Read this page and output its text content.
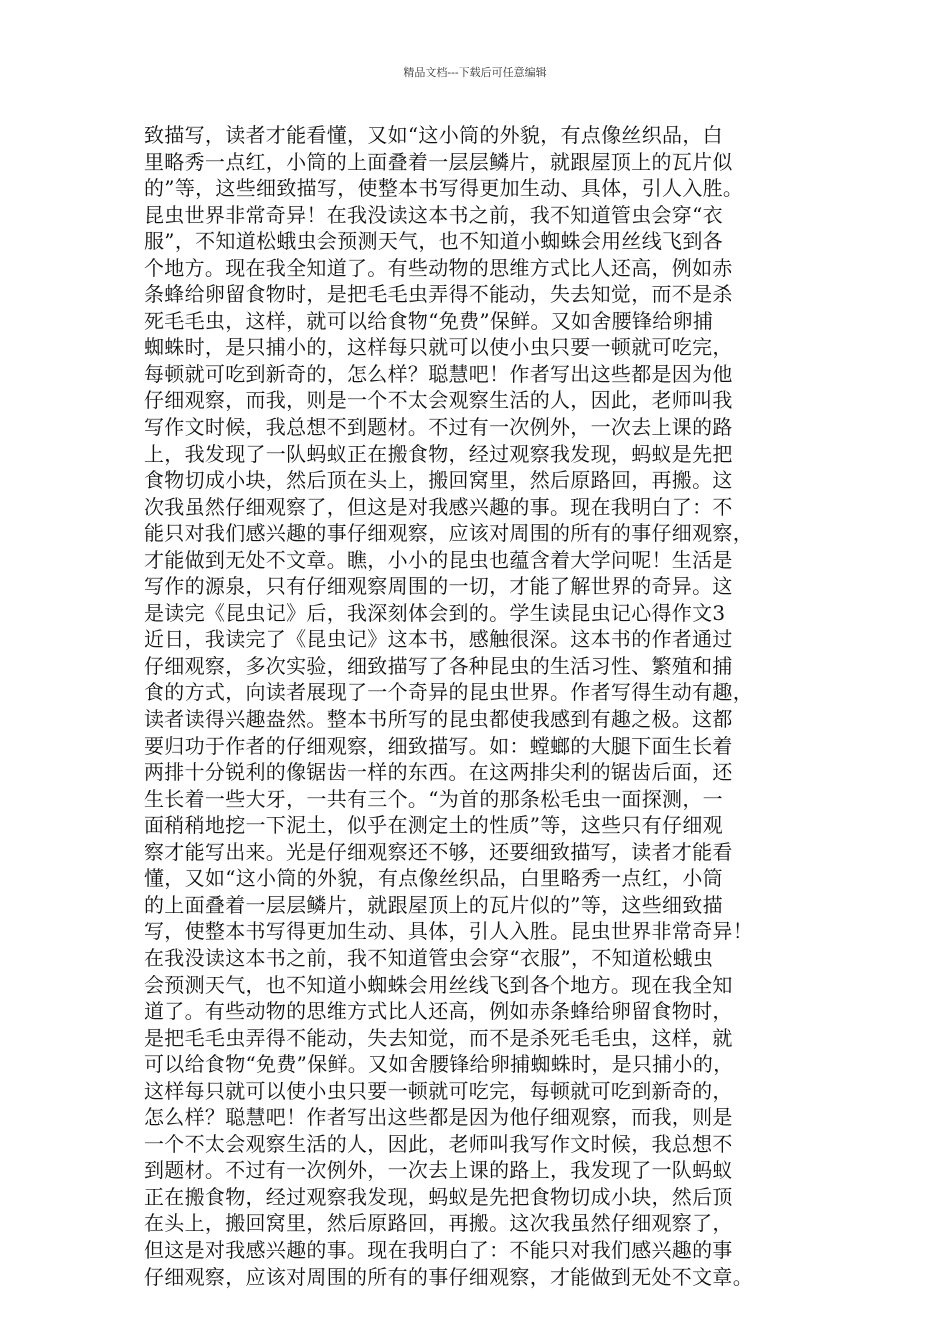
精品文档---下载后可任意编辑
致描写，读者才能看懂，又如“这小筒的外貌，有点像丝织品，白
里略秀一点红，小筒的上面叠着一层层鳞片，就跟屋顶上的瓦片似
的”等，这些细致描写，使整本书写得更加生动、具体，引人入胜。
昆虫世界非常奇异！在我没读这本书之前，我不知道管虫会穿“衣
服”，不知道松蛾虫会预测天气，也不知道小蜘蛛会用丝线飞到各
个地方。现在我全知道了。有些动物的思维方式比人还高，例如赤
条蜂给卵留食物时，是把毛毛虫弄得不能动，失去知觉，而不是杀
死毛毛虫，这样，就可以给食物“免费”保鲜。又如舍腰锋给卵捕
蜘蛛时，是只捕小的，这样每只就可以使小虫只要一顿就可吃完，
每顿就可吃到新奇的，怎么样？聪慧吧！作者写出这些都是因为他
仔细观察，而我，则是一个不太会观察生活的人，因此，老师叫我
写作文时候，我总想不到题材。不过有一次例外，一次去上课的路
上，我发现了一队蚂蚁正在搬食物，经过观察我发现，蚂蚁是先把
食物切成小块，然后顶在头上，搬回窝里，然后原路回，再搬。这
次我虽然仔细观察了，但这是对我感兴趣的事。现在我明白了：不
能只对我们感兴趣的事仔细观察，应该对周围的所有的事仔细观察，
才能做到无处不文章。瞧，小小的昆虫也蕴含着大学问呢！生活是
写作的源泉，只有仔细观察周围的一切，才能了解世界的奇异。这
是读完《昆虫记》后，我深刻体会到的。学生读昆虫记心得作文3
近日，我读完了《昆虫记》这本书，感触很深。这本书的作者通过
仔细观察，多次实验，细致描写了各种昆虫的生活习性、繁殖和捕
食的方式，向读者展现了一个奇异的昆虫世界。作者写得生动有趣，
读者读得兴趣盎然。整本书所写的昆虫都使我感到有趣之极。这都
要归功于作者的仔细观察，细致描写。如：螳螂的大腿下面生长着
两排十分锐利的像锯齿一样的东西。在这两排尖利的锯齿后面，还
生长着一些大牙，一共有三个。“为首的那条松毛虫一面探测，一
面稍稍地挖一下泥土，似乎在测定土的性质”等，这些只有仔细观
察才能写出来。光是仔细观察还不够，还要细致描写，读者才能看
懂，又如“这小筒的外貌，有点像丝织品，白里略秀一点红，小筒
的上面叠着一层层鳞片，就跟屋顶上的瓦片似的”等，这些细致描
写，使整本书写得更加生动、具体，引人入胜。昆虫世界非常奇异！
在我没读这本书之前，我不知道管虫会穿“衣服”，不知道松蛾虫
会预测天气，也不知道小蜘蛛会用丝线飞到各个地方。现在我全知
道了。有些动物的思维方式比人还高，例如赤条蜂给卵留食物时，
是把毛毛虫弄得不能动，失去知觉，而不是杀死毛毛虫，这样，就
可以给食物“免费”保鲜。又如舍腰锋给卵捕蜘蛛时，是只捕小的，
这样每只就可以使小虫只要一顿就可吃完，每顿就可吃到新奇的，
怎么样？聪慧吧！作者写出这些都是因为他仔细观察，而我，则是
一个不太会观察生活的人，因此，老师叫我写作文时候，我总想不
到题材。不过有一次例外，一次去上课的路上，我发现了一队蚂蚁
正在搬食物，经过观察我发现，蚂蚁是先把食物切成小块，然后顶
在头上，搬回窝里，然后原路回，再搬。这次我虽然仔细观察了，
但这是对我感兴趣的事。现在我明白了：不能只对我们感兴趣的事
仔细观察，应该对周围的所有的事仔细观察，才能做到无处不文章。
